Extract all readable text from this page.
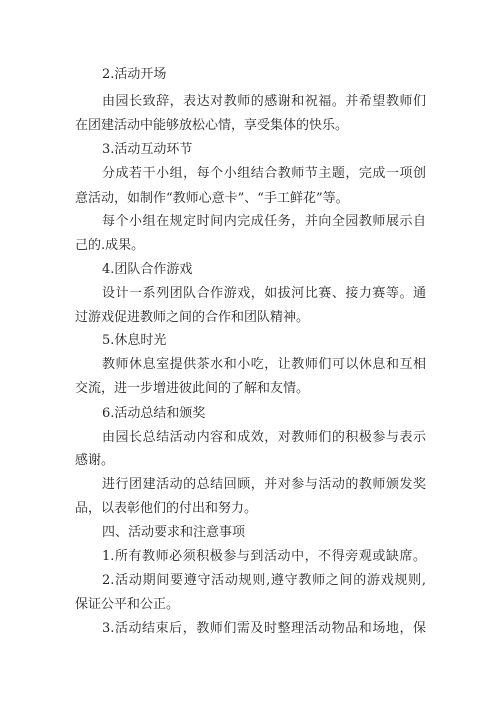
2.活动开场

由园长致辞，表达对教师的感谢和祝福。并希望教师们

在团建活动中能够放松心情，享受集体的快乐。

3.活动互动环节

分成若干小组，每个小组结合教师节主题，完成一项创

意活动，如制作“教师心意卡”、“手工鲜花”等。

每个小组在规定时间内完成任务，并向全园教师展示自

己的.成果。

4.团队合作游戏

设计一系列团队合作游戏，如拔河比赛、接力赛等。通

过游戏促进教师之间的合作和团队精神。

5.休息时光

教师休息室提供茶水和小吃，让教师们可以休息和互相

交流，进一步增进彼此间的了解和友情。

6.活动总结和颁奖

由园长总结活动内容和成效，对教师们的积极参与表示

感谢。

进行团建活动的总结回顾，并对参与活动的教师颁发奖

品，以表彰他们的付出和努力。

四、活动要求和注意事项

1.所有教师必须积极参与到活动中，不得旁观或缺席。

2.活动期间要遵守活动规则,遵守教师之间的游戏规则,

保证公平和公正。

3.活动结束后，教师们需及时整理活动物品和场地，保
